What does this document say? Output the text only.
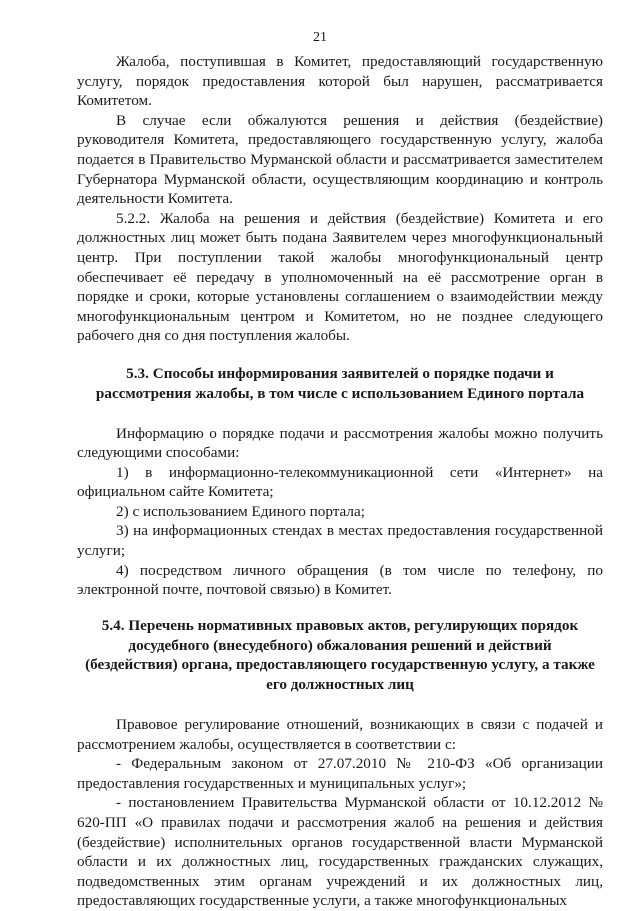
21

Жалоба, поступившая в Комитет, предоставляющий государственную услугу, порядок предоставления которой был нарушен, рассматривается Комитетом.

В случае если обжалуются решения и действия (бездействие) руководителя Комитета, предоставляющего государственную услугу, жалоба подается в Правительство Мурманской области и рассматривается заместителем Губернатора Мурманской области, осуществляющим координацию и контроль деятельности Комитета.

5.2.2. Жалоба на решения и действия (бездействие) Комитета и его должностных лиц может быть подана Заявителем через многофункциональный центр. При поступлении такой жалобы многофункциональный центр обеспечивает её передачу в уполномоченный на её рассмотрение орган в порядке и сроки, которые установлены соглашением о взаимодействии между многофункциональным центром и Комитетом, но не позднее следующего рабочего дня со дня поступления жалобы.

5.3. Способы информирования заявителей о порядке подачи и

рассмотрения жалобы, в том числе с использованием Единого портала

Информацию о порядке подачи и рассмотрения жалобы можно получить следующими способами:

1) в информационно-телекоммуникационной сети «Интернет» на официальном сайте Комитета;

2) с использованием Единого портала;

3) на информационных стендах в местах предоставления государственной услуги;

4) посредством личного обращения (в том числе по телефону, по электронной почте, почтовой связью) в Комитет.

5.4. Перечень нормативных правовых актов, регулирующих порядок

досудебного (внесудебного) обжалования решений и действий

(бездействия) органа, предоставляющего государственную услугу, а также

его должностных лиц

Правовое регулирование отношений, возникающих в связи с подачей и рассмотрением жалобы, осуществляется в соответствии с:

- Федеральным законом от 27.07.2010 № 210-ФЗ «Об организации предоставления государственных и муниципальных услуг»;

- постановлением Правительства Мурманской области от 10.12.2012 № 620-ПП «О правилах подачи и рассмотрения жалоб на решения и действия (бездействие) исполнительных органов государственной власти Мурманской области и их должностных лиц, государственных гражданских служащих, подведомственных этим органам учреждений и их должностных лиц, предоставляющих государственные услуги, а также многофункциональных
